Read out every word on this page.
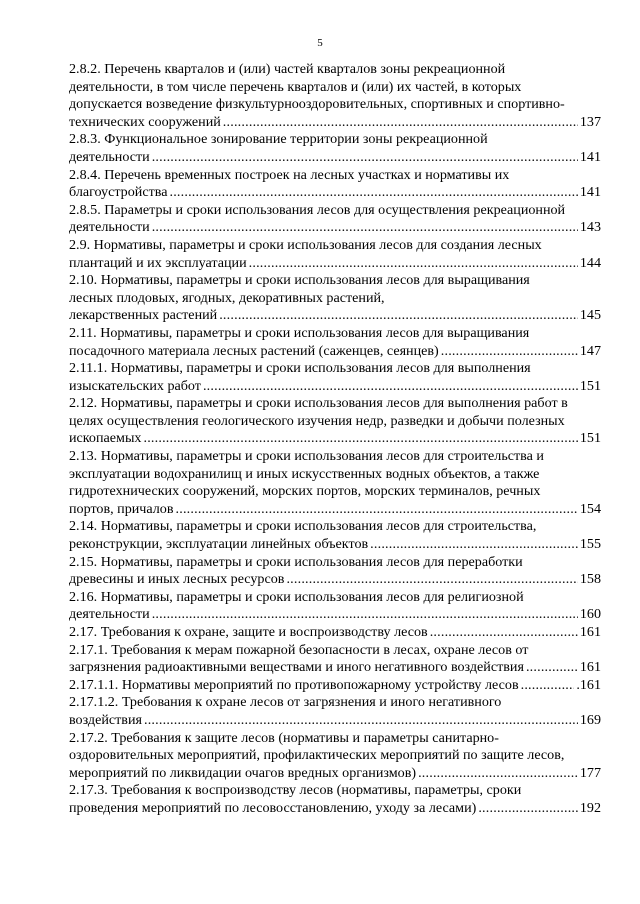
5
2.8.2. Перечень кварталов и (или) частей кварталов зоны рекреационной
деятельности, в том числе перечень кварталов и (или) их частей, в которых
допускается возведение физкультурнооздоровительных, спортивных и спортивно-
технических сооружений .....	137
2.8.3. Функциональное зонирование территории зоны рекреационной
деятельности .....	141
2.8.4. Перечень временных построек на лесных участках и нормативы их
благоустройства .....	141
2.8.5. Параметры и сроки использования лесов для осуществления рекреационной
деятельности .....	143
2.9. Нормативы, параметры и сроки использования лесов для создания лесных
плантаций и их эксплуатации .....	144
2.10. Нормативы, параметры и сроки использования лесов для выращивания
лесных плодовых, ягодных, декоративных растений,
лекарственных растений .....	145
2.11. Нормативы, параметры и сроки использования лесов для выращивания
посадочного материала лесных растений (саженцев, сеянцев) .....	147
2.11.1. Нормативы, параметры и сроки использования лесов для выполнения
изыскательских работ .....	151
2.12. Нормативы, параметры и сроки использования лесов для выполнения работ в
целях осуществления геологического изучения недр, разведки и добычи полезных
ископаемых .....	151
2.13. Нормативы, параметры и сроки использования лесов для строительства и
эксплуатации водохранилищ и иных искусственных водных объектов, а также
гидротехнических сооружений, морских портов, морских терминалов, речных
портов, причалов .....	154
2.14. Нормативы, параметры и сроки использования лесов для строительства,
реконструкции, эксплуатации линейных объектов .....	155
2.15. Нормативы, параметры и сроки использования лесов для переработки
древесины и иных лесных ресурсов .....	158
2.16. Нормативы, параметры и сроки использования лесов для религиозной
деятельности .....	160
2.17. Требования к охране, защите и воспроизводству лесов .....	161
2.17.1. Требования к мерам пожарной безопасности в лесах, охране лесов от
загрязнения радиоактивными веществами и иного негативного воздействия .....	161
2.17.1.1. Нормативы мероприятий по противопожарному устройству лесов .....	.161
2.17.1.2. Требования к охране лесов от загрязнения и иного негативного
воздействия .....	169
2.17.2. Требования к защите лесов (нормативы и параметры санитарно-
оздоровительных мероприятий, профилактических мероприятий по защите лесов,
мероприятий по ликвидации очагов вредных организмов) .....	177
2.17.3. Требования к воспроизводству лесов (нормативы, параметры, сроки
проведения мероприятий по лесовосстановлению, уходу за лесами) .....	192
